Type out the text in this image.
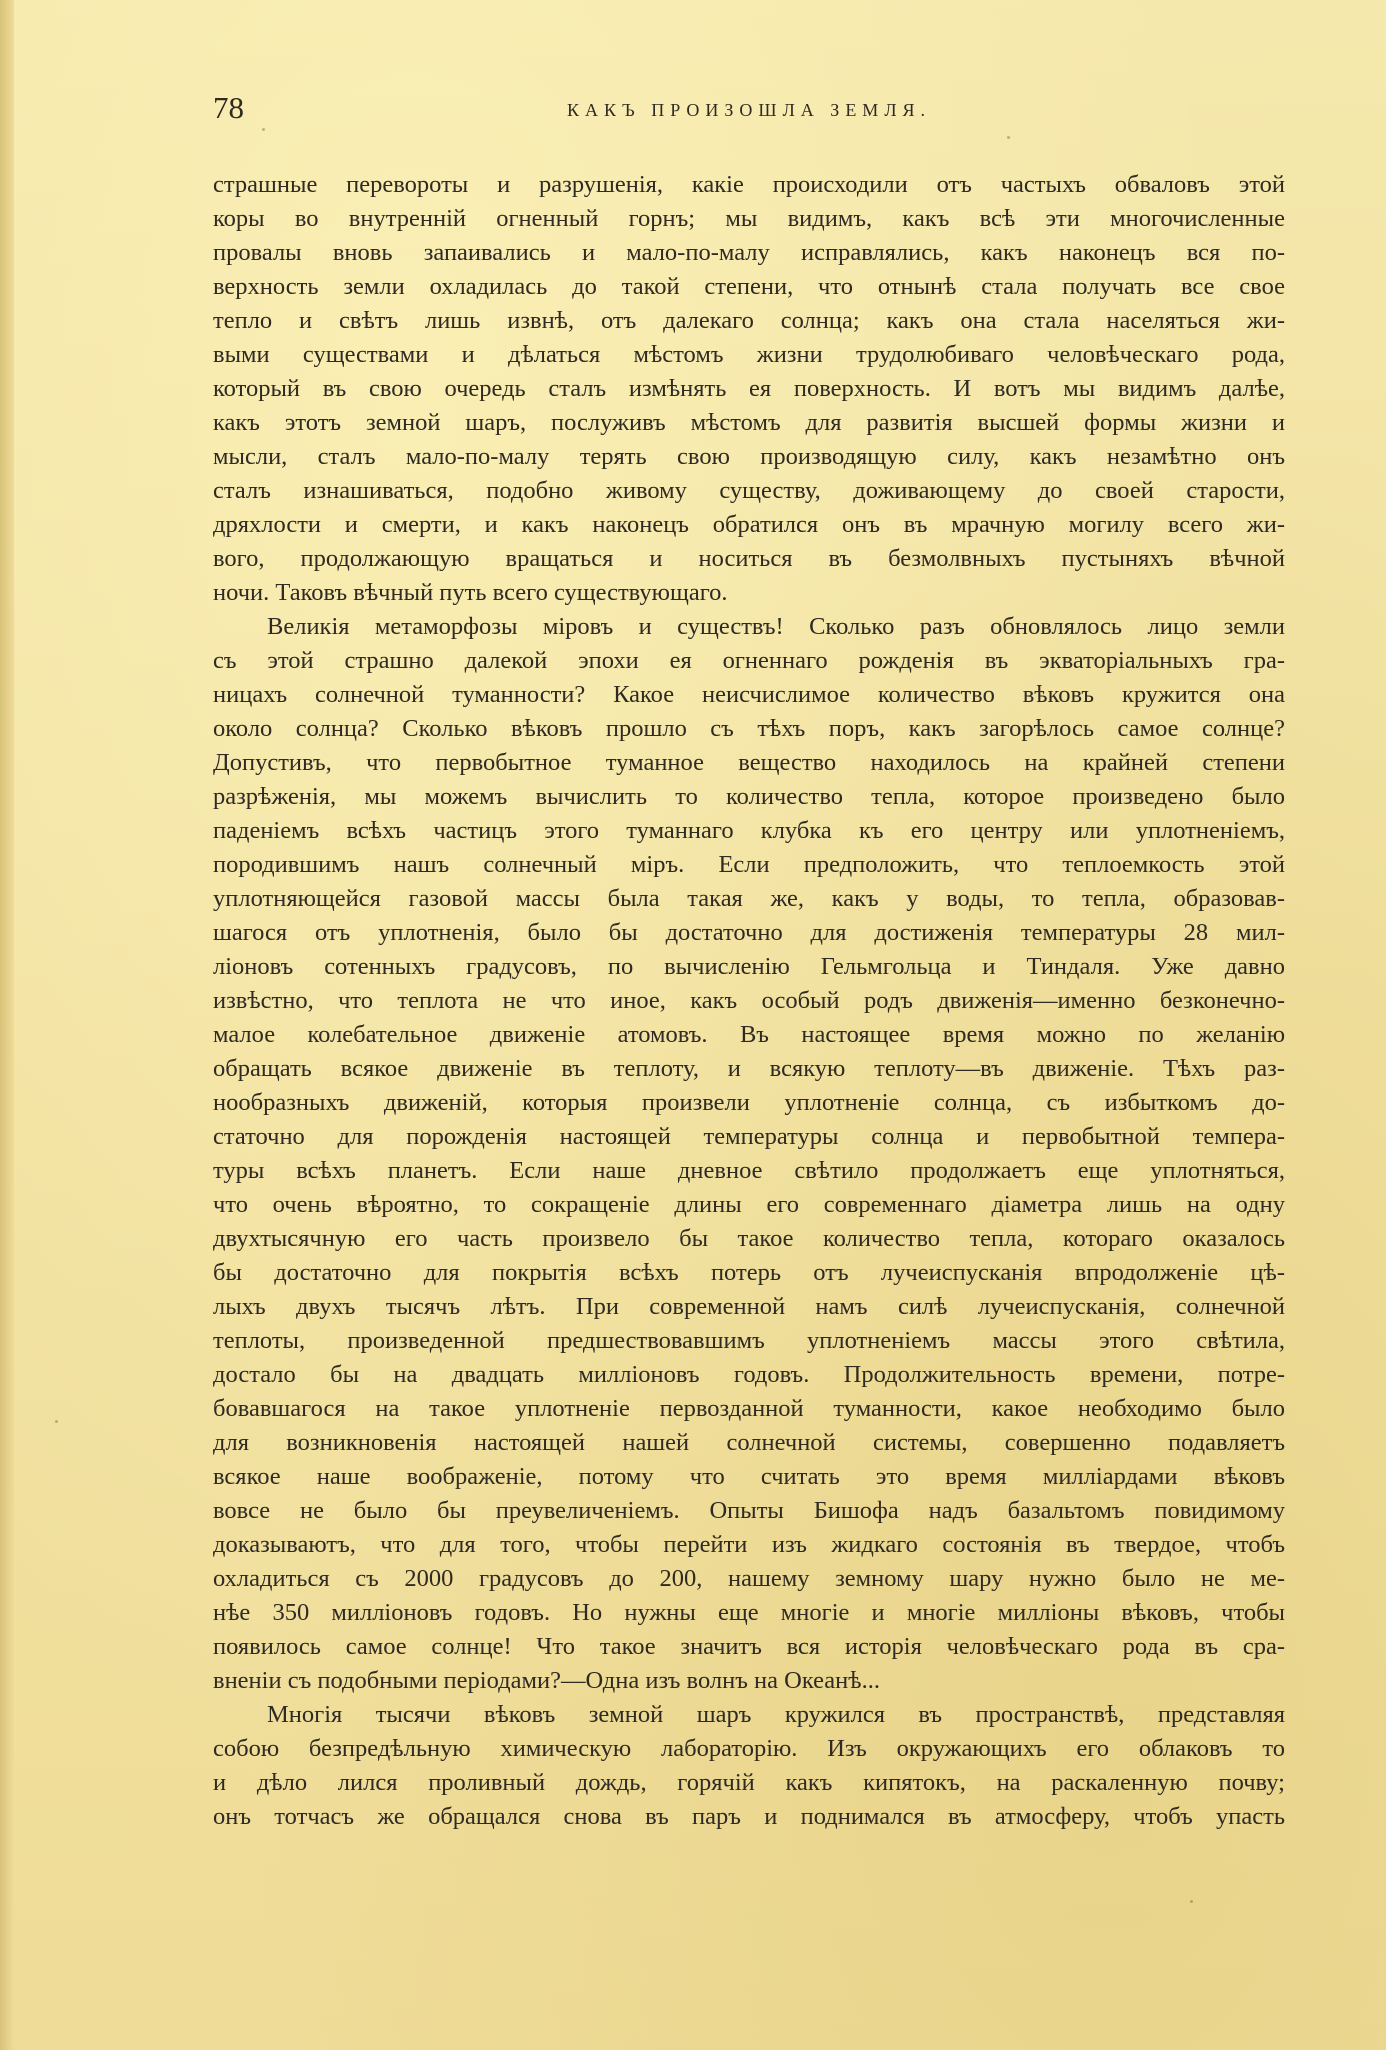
78	КАКЪ ПРОИЗОШЛА ЗЕМЛЯ.
страшные перевороты и разрушенія, какіе происходили отъ частыхъ обваловъ этой
коры во внутренній огненный горнъ; мы видимъ, какъ всѣ эти многочисленные
провалы вновь запаивались и мало-по-малу исправлялись, какъ наконецъ вся по-
верхность земли охладилась до такой степени, что отнынѣ стала получать все свое
тепло и свѣтъ лишь извнѣ, отъ далекаго солнца; какъ она стала населяться жи-
выми существами и дѣлаться мѣстомъ жизни трудолюбиваго человѣческаго рода,
который въ свою очередь сталъ измѣнять ея поверхность. И вотъ мы видимъ далѣе,
какъ этотъ земной шаръ, послуживъ мѣстомъ для развитія высшей формы жизни и
мысли, сталъ мало-по-малу терять свою производящую силу, какъ незамѣтно онъ
сталъ изнашиваться, подобно живому существу, доживающему до своей старости,
дряхлости и смерти, и какъ наконецъ обратился онъ въ мрачную могилу всего жи-
вого, продолжающую вращаться и носиться въ безмолвныхъ пустыняхъ вѣчной
ночи. Таковъ вѣчный путь всего существующаго.
Великія метаморфозы міровъ и существъ! Сколько разъ обновлялось лицо земли
съ этой страшно далекой эпохи ея огненнаго рожденія въ экваторіальныхъ гра-
ницахъ солнечной туманности? Какое неисчислимое количество вѣковъ кружится она
около солнца? Сколько вѣковъ прошло съ тѣхъ поръ, какъ загорѣлось самое солнце?
Допустивъ, что первобытное туманное вещество находилось на крайней степени
разрѣженія, мы можемъ вычислить то количество тепла, которое произведено было
паденіемъ всѣхъ частицъ этого туманнаго клубка къ его центру или уплотненіемъ,
породившимъ нашъ солнечный міръ. Если предположить, что теплоемкость этой
уплотняющейся газовой массы была такая же, какъ у воды, то тепла, образовав-
шагося отъ уплотненія, было бы достаточно для достиженія температуры 28 мил-
ліоновъ сотенныхъ градусовъ, по вычисленію Гельмгольца и Тиндаля. Уже давно
извѣстно, что теплота не что иное, какъ особый родъ движенія—именно безконечно-
малое колебательное движеніе атомовъ. Въ настоящее время можно по желанію
обращать всякое движеніе въ теплоту, и всякую теплоту—въ движеніе. Тѣхъ раз-
нообразныхъ движеній, которыя произвели уплотненіе солнца, съ избыткомъ до-
статочно для порожденія настоящей температуры солнца и первобытной темпера-
туры всѣхъ планетъ. Если наше дневное свѣтило продолжаетъ еще уплотняться,
что очень вѣроятно, то сокращеніе длины его современнаго діаметра лишь на одну
двухтысячную его часть произвело бы такое количество тепла, котораго оказалось
бы достаточно для покрытія всѣхъ потерь отъ лучеиспусканія впродолженіе цѣ-
лыхъ двухъ тысячъ лѣтъ. При современной намъ силѣ лучеиспусканія, солнечной
теплоты, произведенной предшествовавшимъ уплотненіемъ массы этого свѣтила,
достало бы на двадцать милліоновъ годовъ. Продолжительность времени, потре-
бовавшагося на такое уплотненіе первозданной туманности, какое необходимо было
для возникновенія настоящей нашей солнечной системы, совершенно подавляетъ
всякое наше воображеніе, потому что считать это время милліардами вѣковъ
вовсе не было бы преувеличеніемъ. Опыты Бишофа надъ базальтомъ повидимому
доказываютъ, что для того, чтобы перейти изъ жидкаго состоянія въ твердое, чтобъ
охладиться съ 2000 градусовъ до 200, нашему земному шару нужно было не ме-
нѣе 350 милліоновъ годовъ. Но нужны еще многіе и многіе милліоны вѣковъ, чтобы
появилось самое солнце! Что такое значитъ вся исторія человѣческаго рода въ сра-
вненіи съ подобными періодами?—Одна изъ волнъ на Океанѣ...
Многія тысячи вѣковъ земной шаръ кружился въ пространствѣ, представляя
собою безпредѣльную химическую лабораторію. Изъ окружающихъ его облаковъ то
и дѣло лился проливный дождь, горячій какъ кипятокъ, на раскаленную почву;
онъ тотчасъ же обращался снова въ паръ и поднимался въ атмосферу, чтобъ упасть
